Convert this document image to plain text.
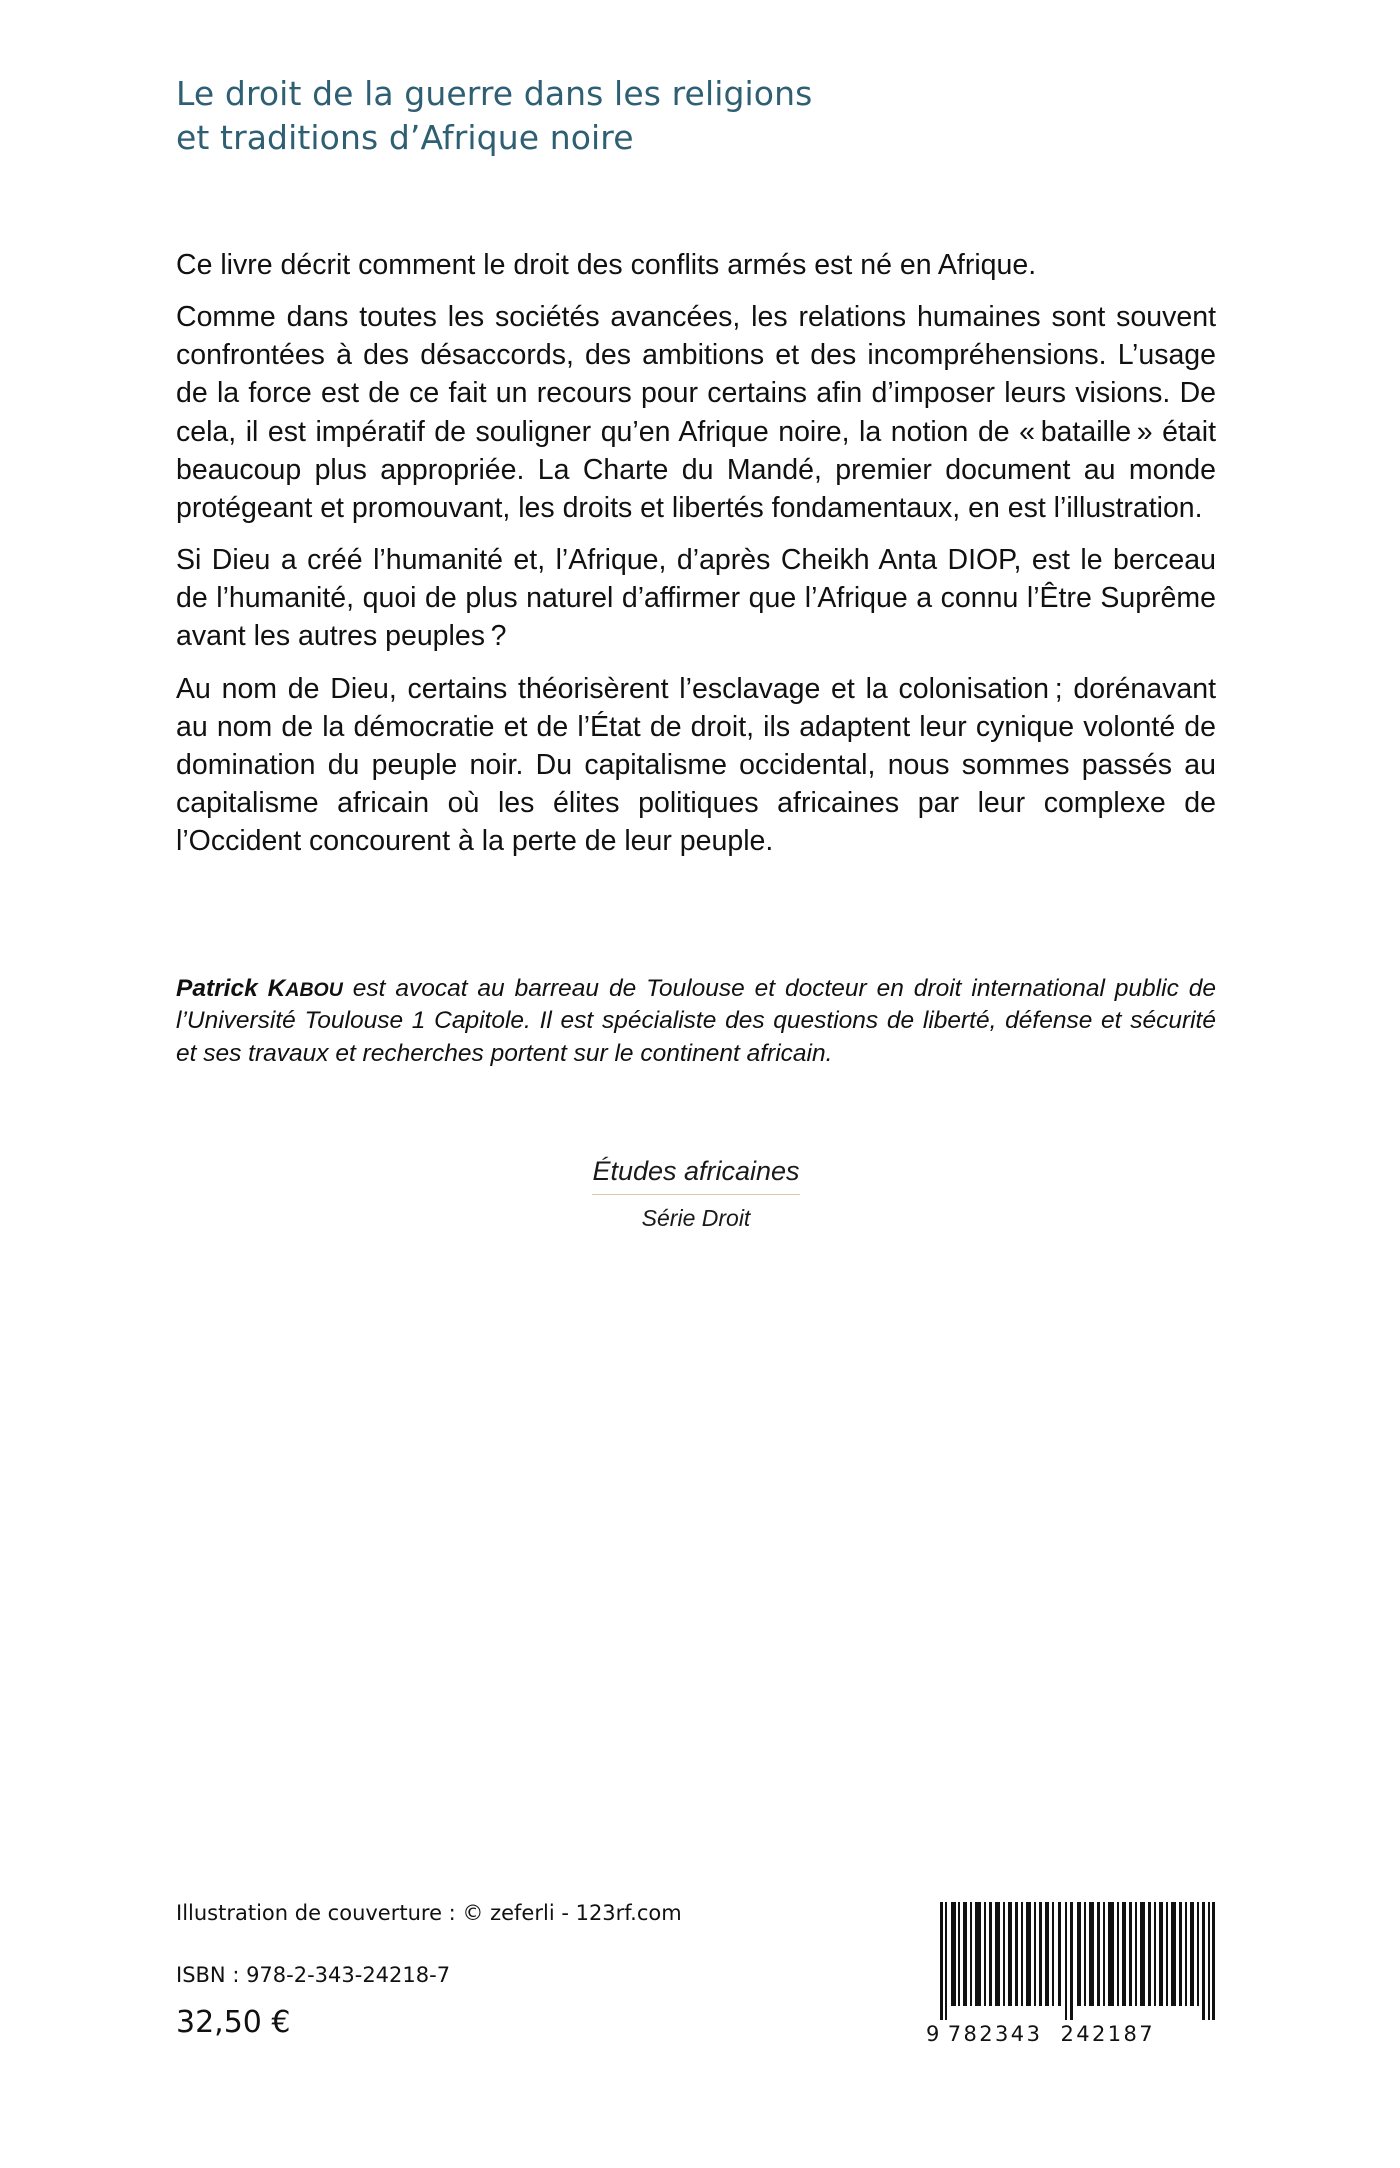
Le droit de la guerre dans les religions
et traditions d’Afrique noire

Ce livre décrit comment le droit des conflits armés est né en Afrique.

Comme dans toutes les sociétés avancées, les relations humaines sont souvent confrontées à des désaccords, des ambitions et des incompréhensions. L’usage de la force est de ce fait un recours pour certains afin d’imposer leurs visions. De cela, il est impératif de souligner qu’en Afrique noire, la notion de « bataille » était beaucoup plus appropriée. La Charte du Mandé, premier document au monde protégeant et promouvant, les droits et libertés fondamentaux, en est l’illustration.

Si Dieu a créé l’humanité et, l’Afrique, d’après Cheikh Anta DIOP, est le berceau de l’humanité, quoi de plus naturel d’affirmer que l’Afrique a connu l’Être Suprême avant les autres peuples ?

Au nom de Dieu, certains théorisèrent l’esclavage et la colonisation ; dorénavant au nom de la démocratie et de l’État de droit, ils adaptent leur cynique volonté de domination du peuple noir. Du capitalisme occidental, nous sommes passés au capitalisme africain où les élites politiques africaines par leur complexe de l’Occident concourent à la perte de leur peuple.

Patrick KABOU est avocat au barreau de Toulouse et docteur en droit international public de l’Université Toulouse 1 Capitole. Il est spécialiste des questions de liberté, défense et sécurité et ses travaux et recherches portent sur le continent africain.
Études africaines
Série Droit
Illustration de couverture : © zeferli - 123rf.com
ISBN : 978-2-343-24218-7
32,50 €	9 782343 242187
